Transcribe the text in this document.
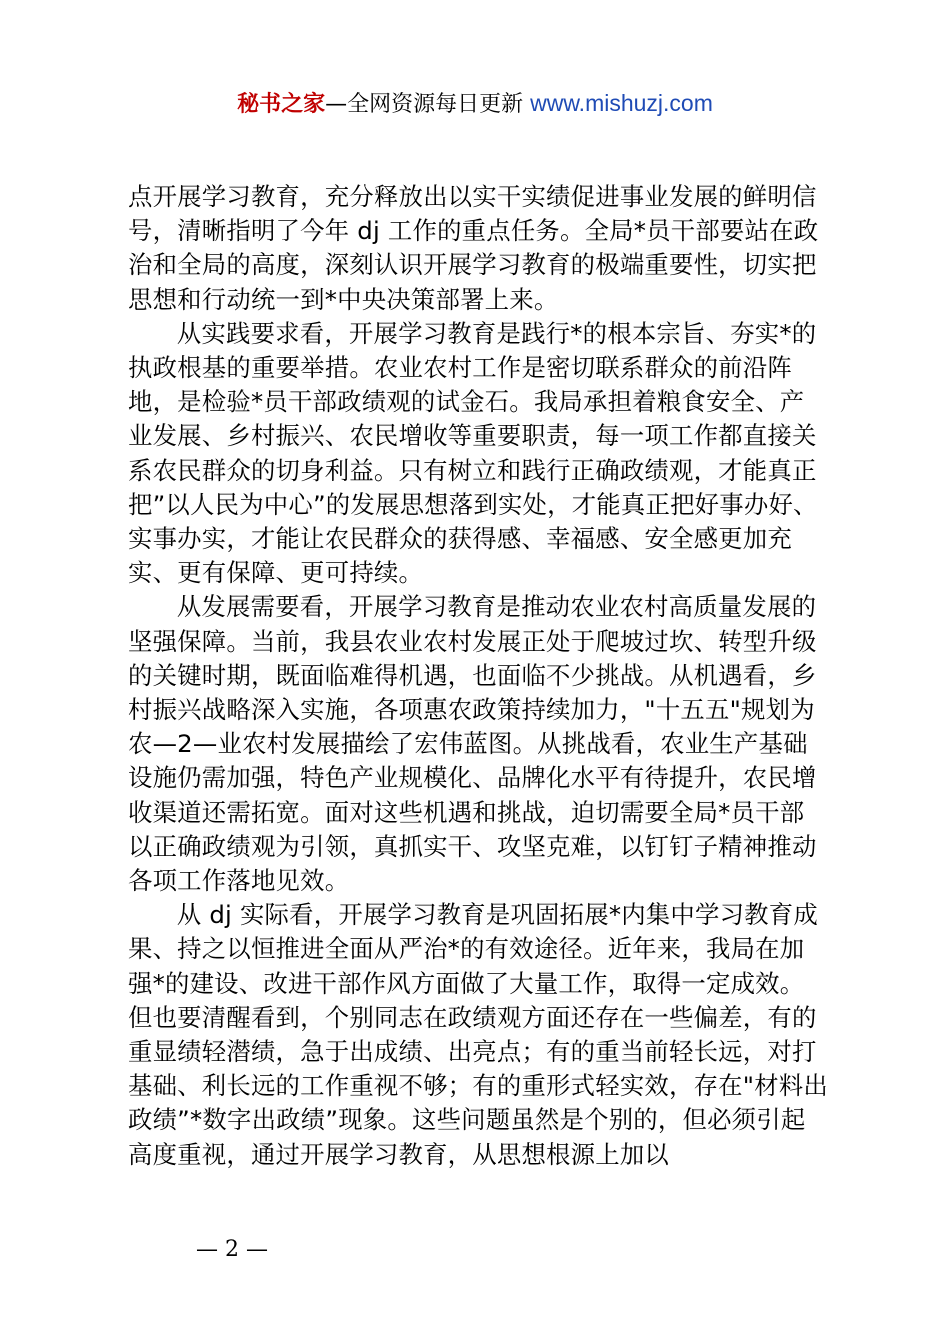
秘书之家—全网资源每日更新 www.mishuzj.com

点开展学习教育，充分释放出以实干实绩促进事业发展的鲜明信号，清晰指明了今年 dj 工作的重点任务。全局*员干部要站在政治和全局的高度，深刻认识开展学习教育的极端重要性，切实把思想和行动统一到*中央决策部署上来。

从实践要求看，开展学习教育是践行*的根本宗旨、夯实*的执政根基的重要举措。农业农村工作是密切联系群众的前沿阵地，是检验*员干部政绩观的试金石。我局承担着粮食安全、产业发展、乡村振兴、农民增收等重要职责，每一项工作都直接关系农民群众的切身利益。只有树立和践行正确政绩观，才能真正把”以人民为中心”的发展思想落到实处，才能真正把好事办好、实事办实，才能让农民群众的获得感、幸福感、安全感更加充实、更有保障、更可持续。

从发展需要看，开展学习教育是推动农业农村高质量发展的坚强保障。当前，我县农业农村发展正处于爬坡过坎、转型升级的关键时期，既面临难得机遇，也面临不少挑战。从机遇看，乡村振兴战略深入实施，各项惠农政策持续加力，"十五五"规划为农—2—业农村发展描绘了宏伟蓝图。从挑战看，农业生产基础设施仍需加强，特色产业规模化、品牌化水平有待提升，农民增收渠道还需拓宽。面对这些机遇和挑战，迫切需要全局*员干部以正确政绩观为引领，真抓实干、攻坚克难，以钉钉子精神推动各项工作落地见效。

从 dj 实际看，开展学习教育是巩固拓展*内集中学习教育成果、持之以恒推进全面从严治*的有效途径。近年来，我局在加强*的建设、改进干部作风方面做了大量工作，取得一定成效。但也要清醒看到，个别同志在政绩观方面还存在一些偏差，有的重显绩轻潜绩，急于出成绩、出亮点；有的重当前轻长远，对打基础、利长远的工作重视不够；有的重形式轻实效，存在"材料出政绩”*数字出政绩”现象。这些问题虽然是个别的，但必须引起高度重视，通过开展学习教育，从思想根源上加以

— 2 —
